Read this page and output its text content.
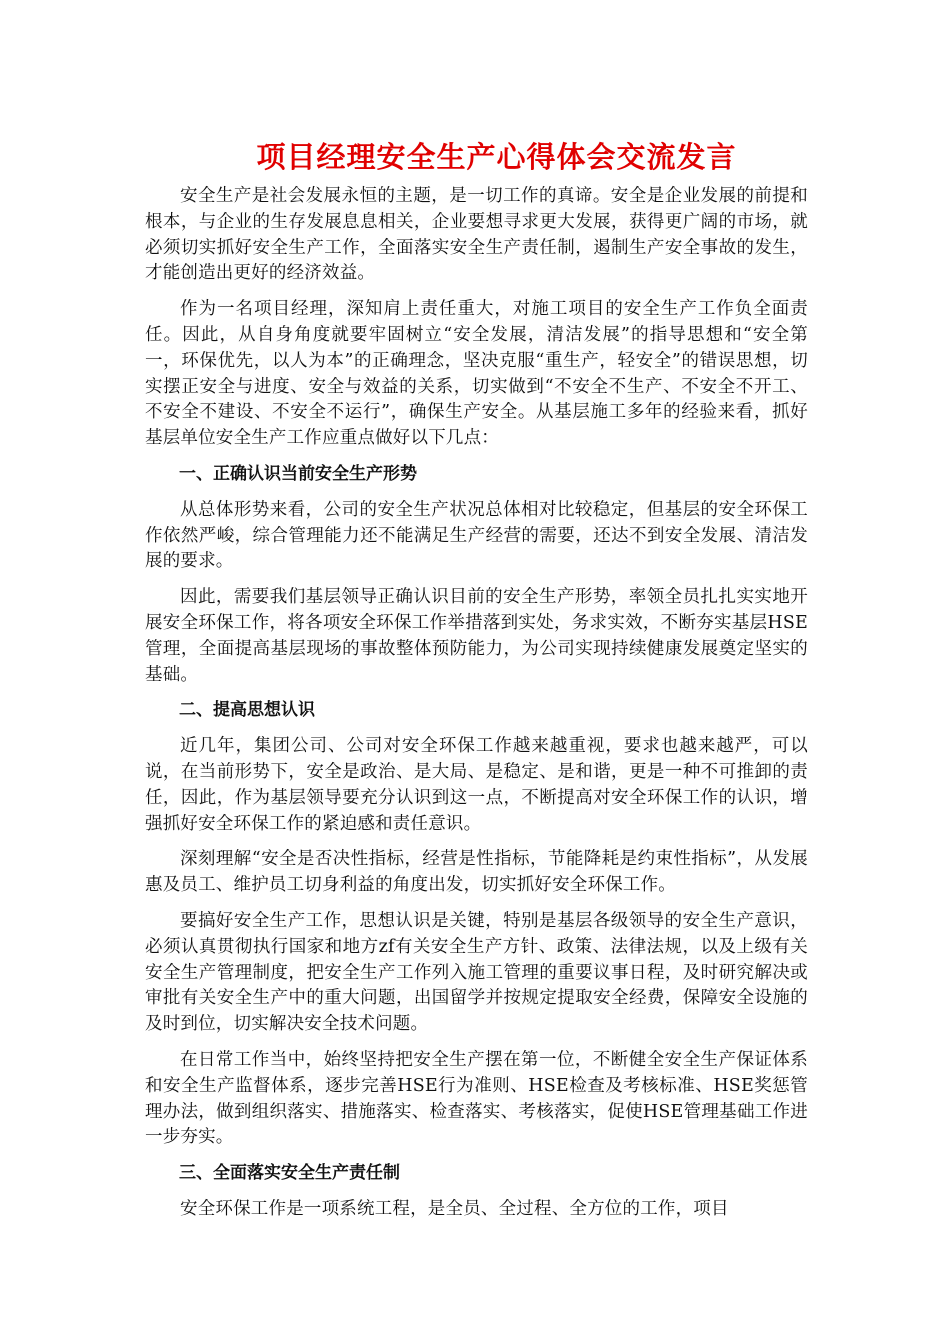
项目经理安全生产心得体会交流发言

安全生产是社会发展永恒的主题，是一切工作的真谛。安全是企业发展的前提和根本，与企业的生存发展息息相关，企业要想寻求更大发展，获得更广阔的市场，就必须切实抓好安全生产工作，全面落实安全生产责任制，遏制生产安全事故的发生，才能创造出更好的经济效益。

作为一名项目经理，深知肩上责任重大，对施工项目的安全生产工作负全面责任。因此，从自身角度就要牢固树立“安全发展，清洁发展”的指导思想和“安全第一，环保优先，以人为本”的正确理念，坚决克服“重生产，轻安全”的错误思想，切实摆正安全与进度、安全与效益的关系，切实做到“不安全不生产、不安全不开工、不安全不建设、不安全不运行”，确保生产安全。从基层施工多年的经验来看，抓好基层单位安全生产工作应重点做好以下几点：

一、正确认识当前安全生产形势

从总体形势来看，公司的安全生产状况总体相对比较稳定，但基层的安全环保工作依然严峻，综合管理能力还不能满足生产经营的需要，还达不到安全发展、清洁发展的要求。

因此，需要我们基层领导正确认识目前的安全生产形势，率领全员扎扎实实地开展安全环保工作，将各项安全环保工作举措落到实处，务求实效，不断夯实基层HSE管理，全面提高基层现场的事故整体预防能力，为公司实现持续健康发展奠定坚实的基础。

二、提高思想认识

近几年，集团公司、公司对安全环保工作越来越重视，要求也越来越严，可以说，在当前形势下，安全是政治、是大局、是稳定、是和谐，更是一种不可推卸的责任，因此，作为基层领导要充分认识到这一点，不断提高对安全环保工作的认识，增强抓好安全环保工作的紧迫感和责任意识。

深刻理解“安全是否决性指标，经营是性指标，节能降耗是约束性指标”，从发展惠及员工、维护员工切身利益的角度出发，切实抓好安全环保工作。

要搞好安全生产工作，思想认识是关键，特别是基层各级领导的安全生产意识，必须认真贯彻执行国家和地方zf有关安全生产方针、政策、法律法规，以及上级有关安全生产管理制度，把安全生产工作列入施工管理的重要议事日程，及时研究解决或审批有关安全生产中的重大问题，出国留学并按规定提取安全经费，保障安全设施的及时到位，切实解决安全技术问题。

在日常工作当中，始终坚持把安全生产摆在第一位，不断健全安全生产保证体系和安全生产监督体系，逐步完善HSE行为准则、HSE检查及考核标准、HSE奖惩管理办法，做到组织落实、措施落实、检查落实、考核落实，促使HSE管理基础工作进一步夯实。

三、全面落实安全生产责任制

安全环保工作是一项系统工程，是全员、全过程、全方位的工作，项目
